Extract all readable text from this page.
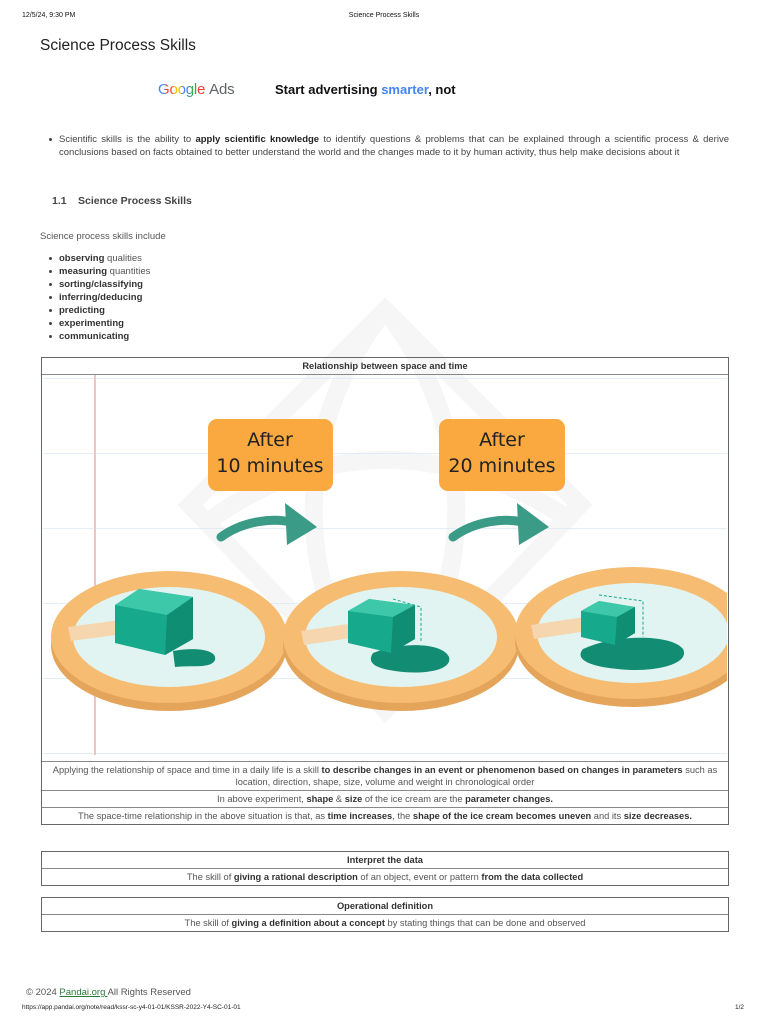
12/5/24, 9:30 PM	Science Process Skills
Science Process Skills
Google Ads	Start advertising smarter, not
Scientific skills is the ability to apply scientific knowledge to identify questions & problems that can be explained through a scientific process & derive conclusions based on facts obtained to better understand the world and the changes made to it by human activity, thus help make decisions about it
1.1 Science Process Skills
Science process skills include
observing qualities
measuring quantities
sorting/classifying
inferring/deducing
predicting
experimenting
communicating
Relationship between space and time
After
10 minutes
After
20 minutes
Applying the relationship of space and time in a daily life is a skill to describe changes in an event or phenomenon based on changes in parameters such as location, direction, shape, size, volume and weight in chronological order
In above experiment, shape & size of the ice cream are the parameter changes.
The space-time relationship in the above situation is that, as time increases, the shape of the ice cream becomes uneven and its size decreases.
Interpret the data
The skill of giving a rational description of an object, event or pattern from the data collected
Operational definition
The skill of giving a definition about a concept by stating things that can be done and observed
© 2024 Pandai.org All Rights Reserved
https://app.pandai.org/note/read/kssr-sc-y4-01-01/KSSR-2022-Y4-SC-01-01	1/2
